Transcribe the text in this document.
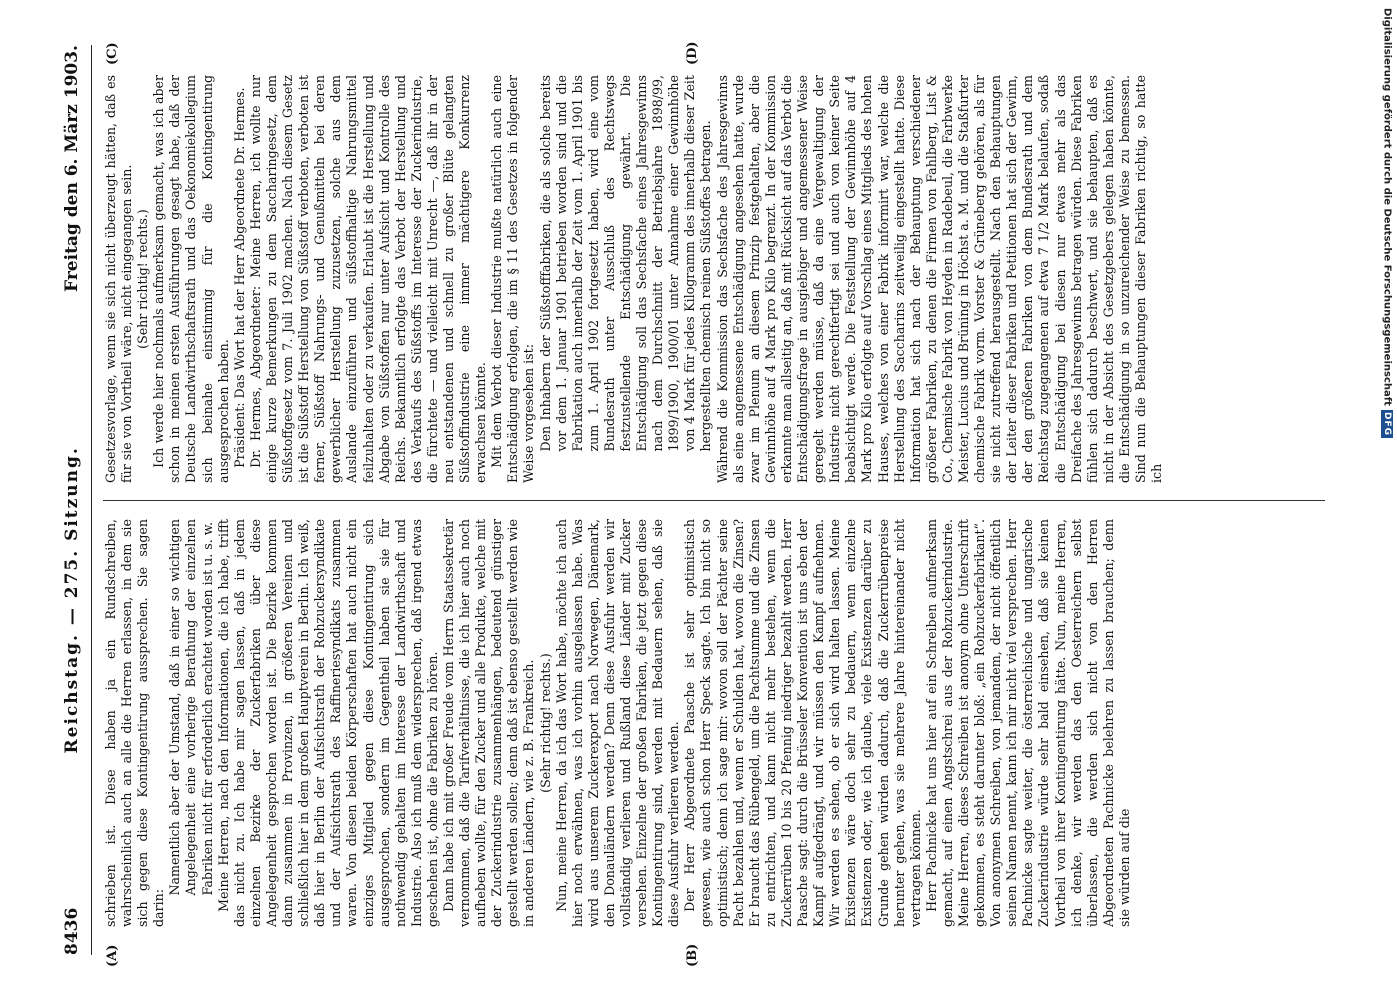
8436
Reichstag. — 275. Sitzung.
Freitag den 6. März 1903.
(A)	(B)
(C)	(D)

schrieben ist. Diese haben ja ein Rundschreiben, wahrscheinlich auch an alle die Herren erlassen, in dem sie sich gegen diese Kontingentirung aussprechen. Sie sagen darin:

Namentlich aber der Umstand, daß in einer so wichtigen Angelegenheit eine vorherige Berathung der einzelnen Fabriken nicht für erforderlich erachtet worden ist u. s. w. Meine Herren, nach den Informationen, die ich habe, trifft das nicht zu. Ich habe mir sagen lassen, daß in jedem einzelnen Bezirke der Zuckerfabriken über diese Angelegenheit gesprochen worden ist. Die Bezirke kommen dann zusammen in Provinzen, in größeren Vereinen und schließlich hier in dem großen Hauptverein in Berlin. Ich weiß, daß hier in Berlin der Aufsichtsrath der Rohzuckersyndikate und der Aufsichtsrath des Raffineriesyndikats zusammen waren. Von diesen beiden Körperschaften hat auch nicht ein einziges Mitglied gegen diese Kontingentirung sich ausgesprochen, sondern im Gegentheil haben sie sie für nothwendig gehalten im Interesse der Landwirthschaft und Industrie. Also ich muß dem widersprechen, daß irgend etwas geschehen ist, ohne die Fabriken zu hören. Dann habe ich mit großer Freude vom Herrn Staatssekretär vernommen, daß die Tarifverhältnisse, die ich hier auch noch aufheben wollte, für den Zucker und alle Produkte, welche mit der Zuckerindustrie zusammenhängen, bedeutend günstiger gestellt werden sollen; denn daß ist ebenso gestellt werden wie in anderen Ländern, wie z. B. Frankreich. (Sehr richtig! rechts.) Nun, meine Herren, da ich das Wort habe, möchte ich auch hier noch erwähnen, was ich vorhin ausgelassen habe. Was wird aus unserem Zuckerexport nach Norwegen, Dänemark, den Donauländern werden? Denn diese Ausfuhr werden wir vollständig verlieren und Rußland diese Länder mit Zucker versehen. Einzelne der großen Fabriken, die jetzt gegen diese Kontingentirung sind, werden mit Bedauern sehen, daß sie diese Ausfuhr verlieren werden. Der Herr Abgeordnete Paasche ist sehr optimistisch gewesen, wie auch schon Herr Speck sagte. Ich bin nicht so optimistisch; denn ich sage mir: wovon soll der Pächter seine Pacht bezahlen und, wenn er Schulden hat, wovon die Zinsen? Er braucht das Rübengeld, um die Pachtsumme und die Zinsen zu entrichten, und kann nicht mehr bestehen, wenn die Zuckerrüben 10 bis 20 Pfennig niedriger bezahlt werden. Herr Paasche sagt: durch die Brüsseler Konvention ist uns eben der Kampf aufgedrängt, und wir müssen den Kampf aufnehmen. Wir werden es sehen, ob er sich wird halten lassen. Meine Existenzen wäre doch sehr zu bedauern, wenn einzelne Existenzen oder, wie ich glaube, viele Existenzen darüber zu Grunde gehen würden dadurch, daß die Zuckerrübenpreise herunter gehen, was sie mehrere Jahre hintereinander nicht vertragen können. Herr Pachnicke hat uns hier auf ein Schreiben aufmerksam gemacht, auf einen Angstschrei aus der Rohzuckerindustrie. Meine Herren, dieses Schreiben ist anonym ohne Unterschrift gekommen, es steht darunter bloß: „ein Rohzuckerfabrikant“. Von anonymen Schreiben, von jemandem, der nicht öffentlich seinen Namen nennt, kann ich mir nicht viel versprechen. Herr Pachnicke sagte weiter, die österreichische und ungarische Zuckerindustrie würde sehr bald einsehen, daß sie keinen Vortheil von ihrer Kontingentirung hätte. Nun, meine Herren, ich denke, wir werden das den Oesterreichern selbst überlassen, die werden sich nicht von den Herren Abgeordneten Pachnicke belehren zu lassen brauchen; denn sie würden auf die

Gesetzesvorlage, wenn sie sich nicht überzeugt hätten, daß es für sie von Vortheil wäre, nicht eingegangen sein. (Sehr richtig! rechts.) Ich werde hier nochmals aufmerksam gemacht, was ich aber schon in meinen ersten Ausführungen gesagt habe, daß der Deutsche Landwirthschaftsrath und das Oekonomiekollegium sich beinahe einstimmig für die Kontingentirung ausgesprochen haben. Präsident: Das Wort hat der Herr Abgeordnete Dr. Hermes. Dr. Hermes, Abgeordneter: Meine Herren, ich wollte nur einige kurze Bemerkungen zu dem Saccharingesetz, dem Süßstoffgesetz vom 7. Juli 1902 machen. Nach diesem Gesetz ist die Süßstoff Herstellung von Süßstoff verboten, verboten ist ferner, Süßstoff Nahrungs- und Genußmitteln bei deren gewerblicher Herstellung zuzusetzen, solche aus dem Auslande einzuführen und süßstoffhaltige Nahrungsmittel feilzuhalten oder zu verkaufen. Erlaubt ist die Herstellung und Abgabe von Süßstoffen nur unter Aufsicht und Kontrolle des Reichs. Bekanntlich erfolgte das Verbot der Herstellung und des Verkaufs des Süßstoffs im Interesse der Zuckerindustrie, die fürchtete — und vielleicht mit Unrecht —, daß ihr in der neu entstandenen und schnell zu großer Blüte gelangten Süßstoffindustrie eine immer mächtigere Konkurrenz erwachsen könnte. Mit dem Verbot dieser Industrie mußte natürlich auch eine Entschädigung erfolgen, die im § 11 des Gesetzes in folgender Weise vorgesehen ist: Den Inhabern der Süßstofffabriken, die als solche bereits vor dem 1. Januar 1901 betrieben worden sind und die Fabrikation auch innerhalb der Zeit vom 1. April 1901 bis zum 1. April 1902 fortgesetzt haben, wird eine vom Bundesrath unter Ausschluß des Rechtswegs festzustellende Entschädigung gewährt. Die Entschädigung soll das Sechsfache eines Jahresgewinns nach dem Durchschnitt der Betriebsjahre 1898/99, 1899/1900, 1900/01 unter Annahme einer Gewinnhöhe von 4 Mark für jedes Kilogramm des innerhalb dieser Zeit hergestellten chemisch reinen Süßstoffes betragen. Während die Kommission das Sechsfache des Jahresgewinns als eine angemessene Entschädigung angesehen hatte, wurde zwar im Plenum an diesem Prinzip festgehalten, aber die Gewinnhöhe auf 4 Mark pro Kilo begrenzt. In der Kommission erkannte man allseitig an, daß mit Rücksicht auf das Verbot die Entschädigungsfrage in ausgiebiger und angemessener Weise geregelt werden müsse, daß da eine Vergewaltigung der Industrie nicht gerechtfertigt sei und auch von keiner Seite beabsichtigt werde. Die Feststellung der Gewinnhöhe auf 4 Mark pro Kilo erfolgte auf Vorschlag eines Mitglieds des hohen Hauses, welches von einer Fabrik informirt war, welche die Herstellung des Saccharins zeitweilig eingestellt hatte. Diese Information hat sich nach der Behauptung verschiedener größerer Fabriken, zu denen die Firmen von Fahlberg, List & Co., Chemische Fabrik von Heyden in Radebeul, die Farbwerke Meister, Lucius und Brüning in Höchst a. M. und die Staßfurter chemische Fabrik vorm. Vorster & Grüneberg gehören, als für sie nicht zutreffend herausgestellt. Nach den Behauptungen der Leiter dieser Fabriken und Petitionen hat sich der Gewinn, der den größeren Fabriken von dem Bundesrath und dem Reichstag zugegangenen auf etwa 7 1/2 Mark belaufen, sodaß die Entschädigung bei diesen nur etwas mehr als das Dreifache des Jahresgewinns betragen würden. Diese Fabriken fühlen sich dadurch beschwert, und sie behaupten, daß es nicht in der Absicht des Gesetzgebers gelegen haben könnte, die Entschädigung in so unzureichender Weise zu bemessen. Sind nun die Behauptungen dieser Fabriken richtig, so hatte ich

Digitalisierung gefördert durch die Deutsche Forschungsgemeinschaft
DFG
